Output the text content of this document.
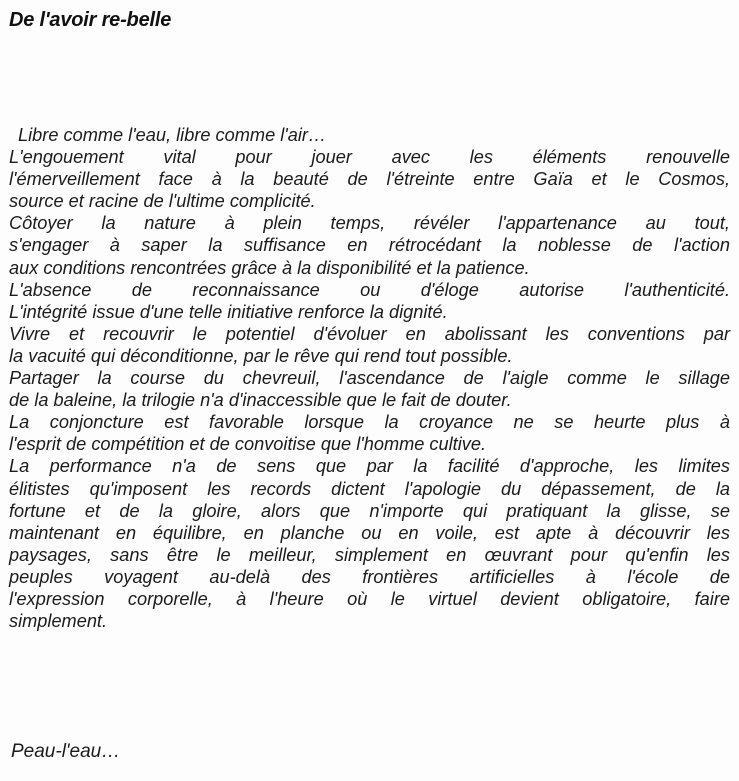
De l'avoir re-belle
Libre comme l'eau, libre comme l'air…
L'engouement vital pour jouer avec les éléments renouvelle
l'émerveillement face à la beauté de l'étreinte entre Gaïa et le Cosmos,
source et racine de l'ultime complicité.
Côtoyer la nature à plein temps, révéler l'appartenance au tout,
s'engager à saper la suffisance en rétrocédant la noblesse de l'action
aux conditions rencontrées grâce à la disponibilité et la patience.
L'absence de reconnaissance ou d'éloge autorise l'authenticité.
L'intégrité issue d'une telle initiative renforce la dignité.
Vivre et recouvrir le potentiel d'évoluer en abolissant les conventions par
la vacuité qui déconditionne, par le rêve qui rend tout possible.
Partager la course du chevreuil, l'ascendance de l'aigle comme le sillage
de la baleine, la trilogie n'a d'inaccessible que le fait de douter.
La conjoncture est favorable lorsque la croyance ne se heurte plus à
l'esprit de compétition et de convoitise que l'homme cultive.
La performance n'a de sens que par la facilité d'approche, les limites
élitistes qu'imposent les records dictent l'apologie du dépassement, de la
fortune et de la gloire, alors que n'importe qui pratiquant la glisse, se
maintenant en équilibre, en planche ou en voile, est apte à découvrir les
paysages, sans être le meilleur, simplement en œuvrant pour qu'enfin les
peuples voyagent au-delà des frontières artificielles à l'école de
l'expression corporelle, à l'heure où le virtuel devient obligatoire, faire
simplement.
Peau-l'eau…
